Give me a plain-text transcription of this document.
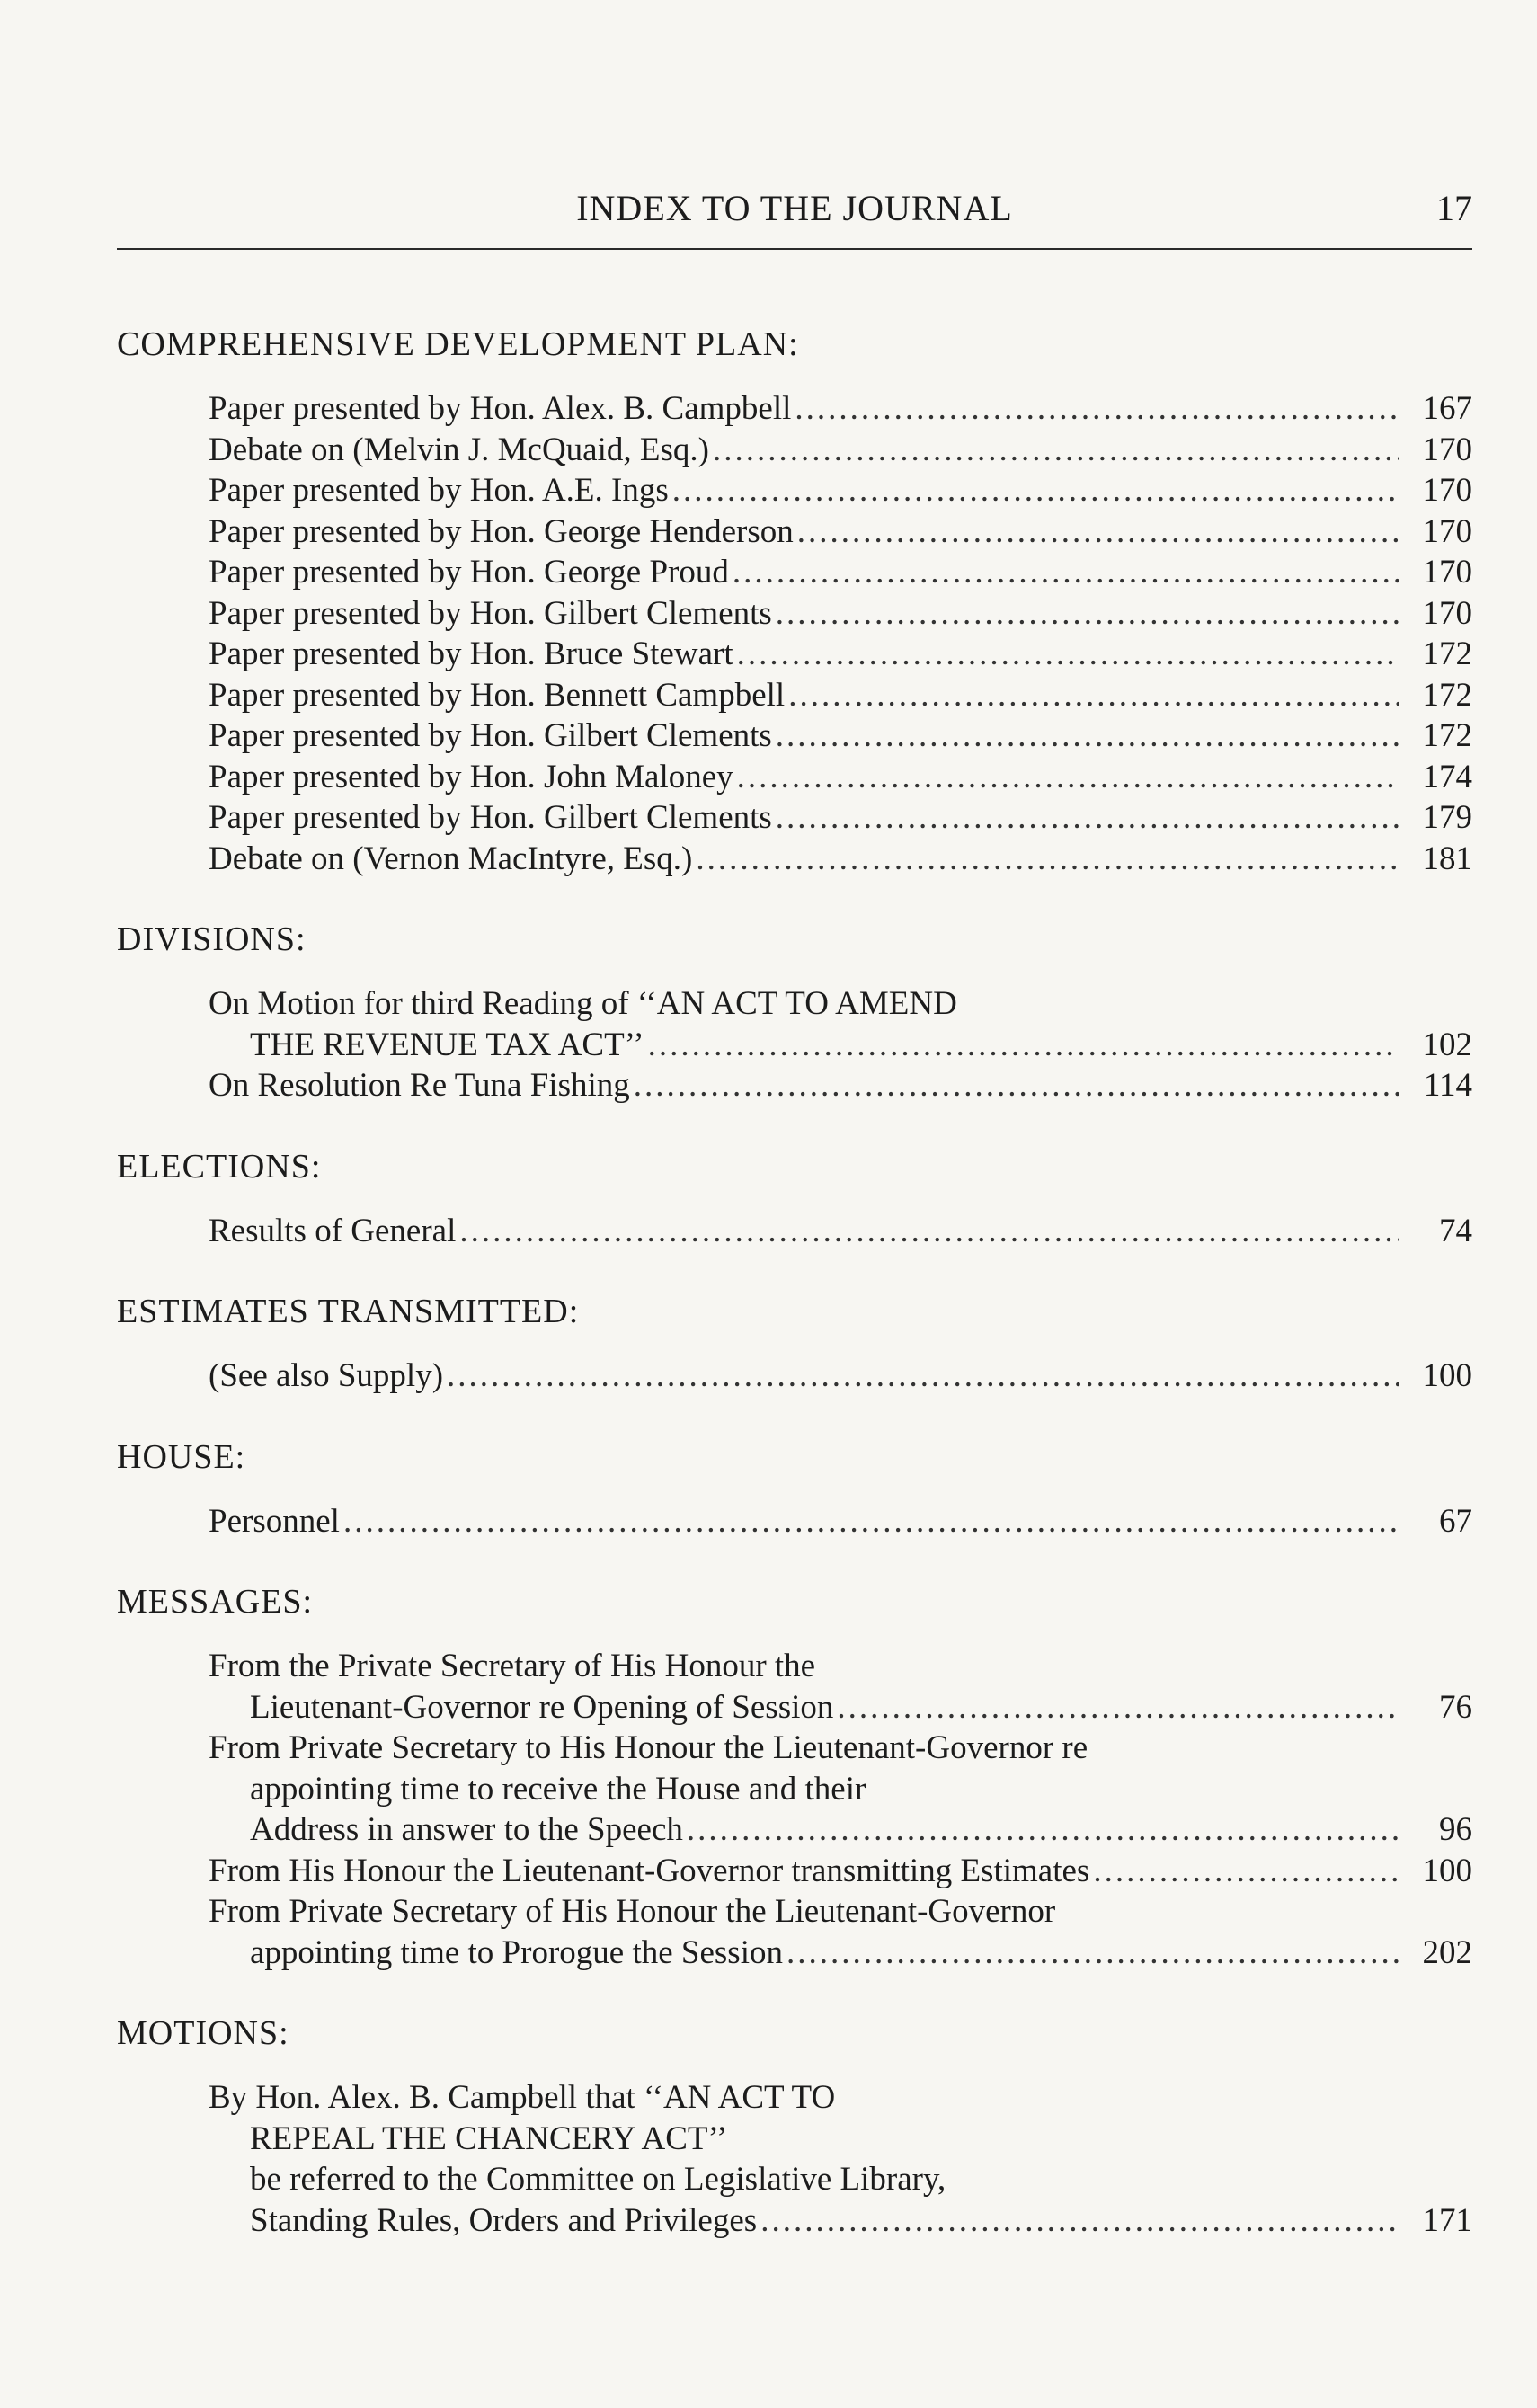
INDEX TO THE JOURNAL	17
COMPREHENSIVE DEVELOPMENT PLAN:
Paper presented by Hon. Alex. B. Campbell .....	167
Debate on (Melvin J. McQuaid, Esq.) .....	170
Paper presented by Hon. A.E. Ings .....	170
Paper presented by Hon. George Henderson .....	170
Paper presented by Hon. George Proud .....	170
Paper presented by Hon. Gilbert Clements .....	170
Paper presented by Hon. Bruce Stewart .....	172
Paper presented by Hon. Bennett Campbell .....	172
Paper presented by Hon. Gilbert Clements .....	172
Paper presented by Hon. John Maloney .....	174
Paper presented by Hon. Gilbert Clements .....	179
Debate on (Vernon MacIntyre, Esq.) .....	181
DIVISIONS:
On Motion for third Reading of ‘‘AN ACT TO AMEND
THE REVENUE TAX ACT’’ .....	102
On Resolution Re Tuna Fishing .....	114
ELECTIONS:
Results of General .....	74
ESTIMATES TRANSMITTED:
(See also Supply) .....	100
HOUSE:
Personnel .....	67
MESSAGES:
From the Private Secretary of His Honour the
Lieutenant-Governor re Opening of Session .....	76
From Private Secretary to His Honour the Lieutenant-Governor re
appointing time to receive the House and their
Address in answer to the Speech .....	96
From His Honour the Lieutenant-Governor transmitting Estimates .....	100
From Private Secretary of His Honour the Lieutenant-Governor
appointing time to Prorogue the Session .....	202
MOTIONS:
By Hon. Alex. B. Campbell that ‘‘AN ACT TO
REPEAL THE CHANCERY ACT’’
be referred to the Committee on Legislative Library,
Standing Rules, Orders and Privileges .....	171
